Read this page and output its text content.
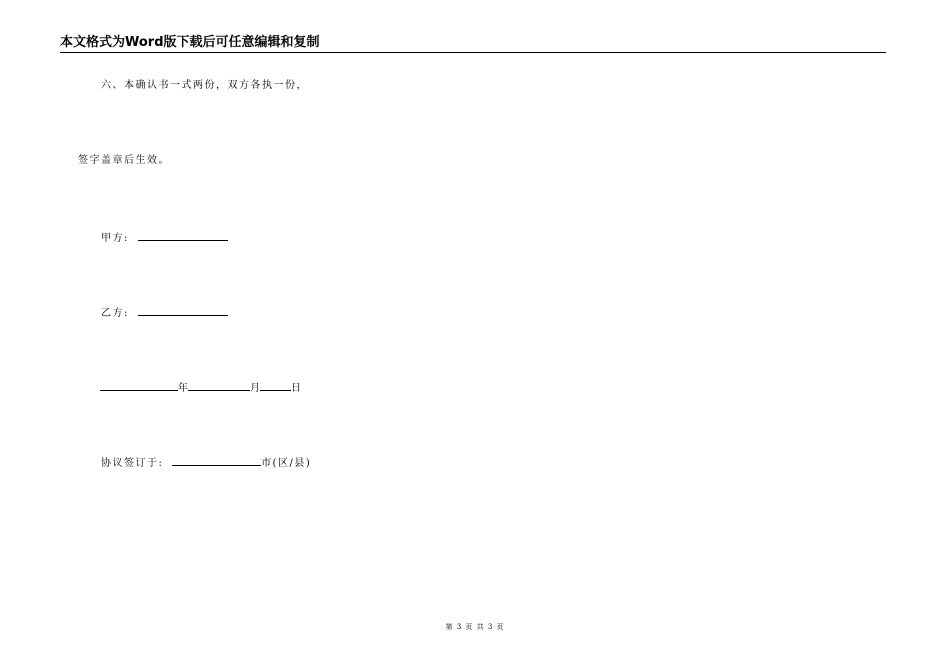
本文格式为Word版下载后可任意编辑和复制
六、本确认书一式两份，双方各执一份，
签字盖章后生效。
甲方:
乙方:
年	月	日
协议签订于:	市(区/县)
第 3 页 共 3 页
